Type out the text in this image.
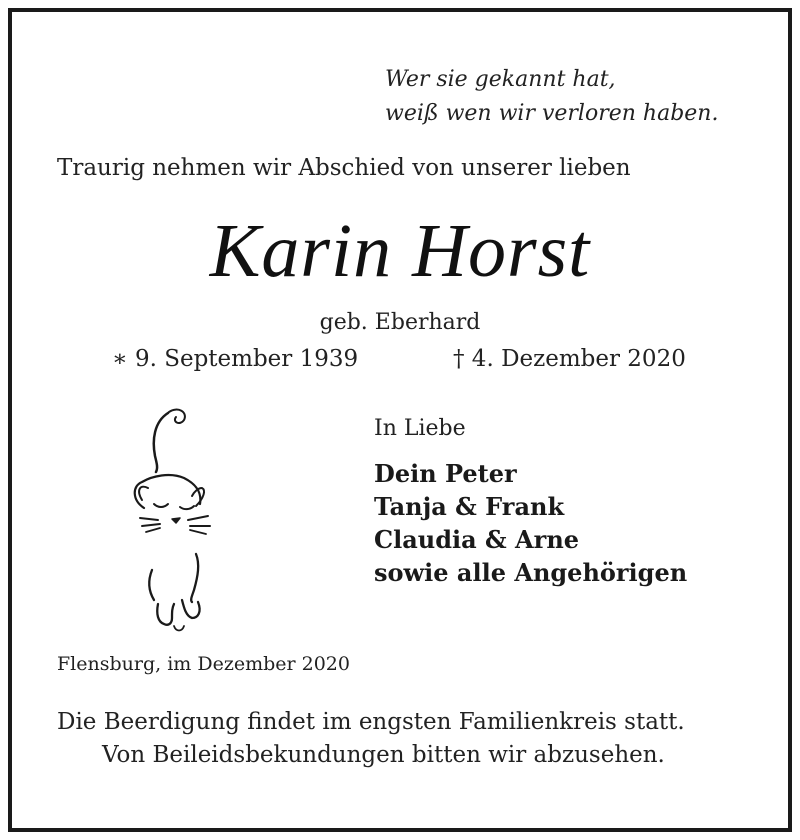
Wer sie gekannt hat,
weiß wen wir verloren haben.
Traurig nehmen wir Abschied von unserer lieben
Karin Horst
geb. Eberhard
∗ 9. September 1939	† 4. Dezember 2020
In Liebe
Dein Peter
Tanja & Frank
Claudia & Arne
sowie alle Angehörigen
Flensburg, im Dezember 2020
Die Beerdigung findet im engsten Familienkreis statt.
Von Beileidsbekundungen bitten wir abzusehen.
